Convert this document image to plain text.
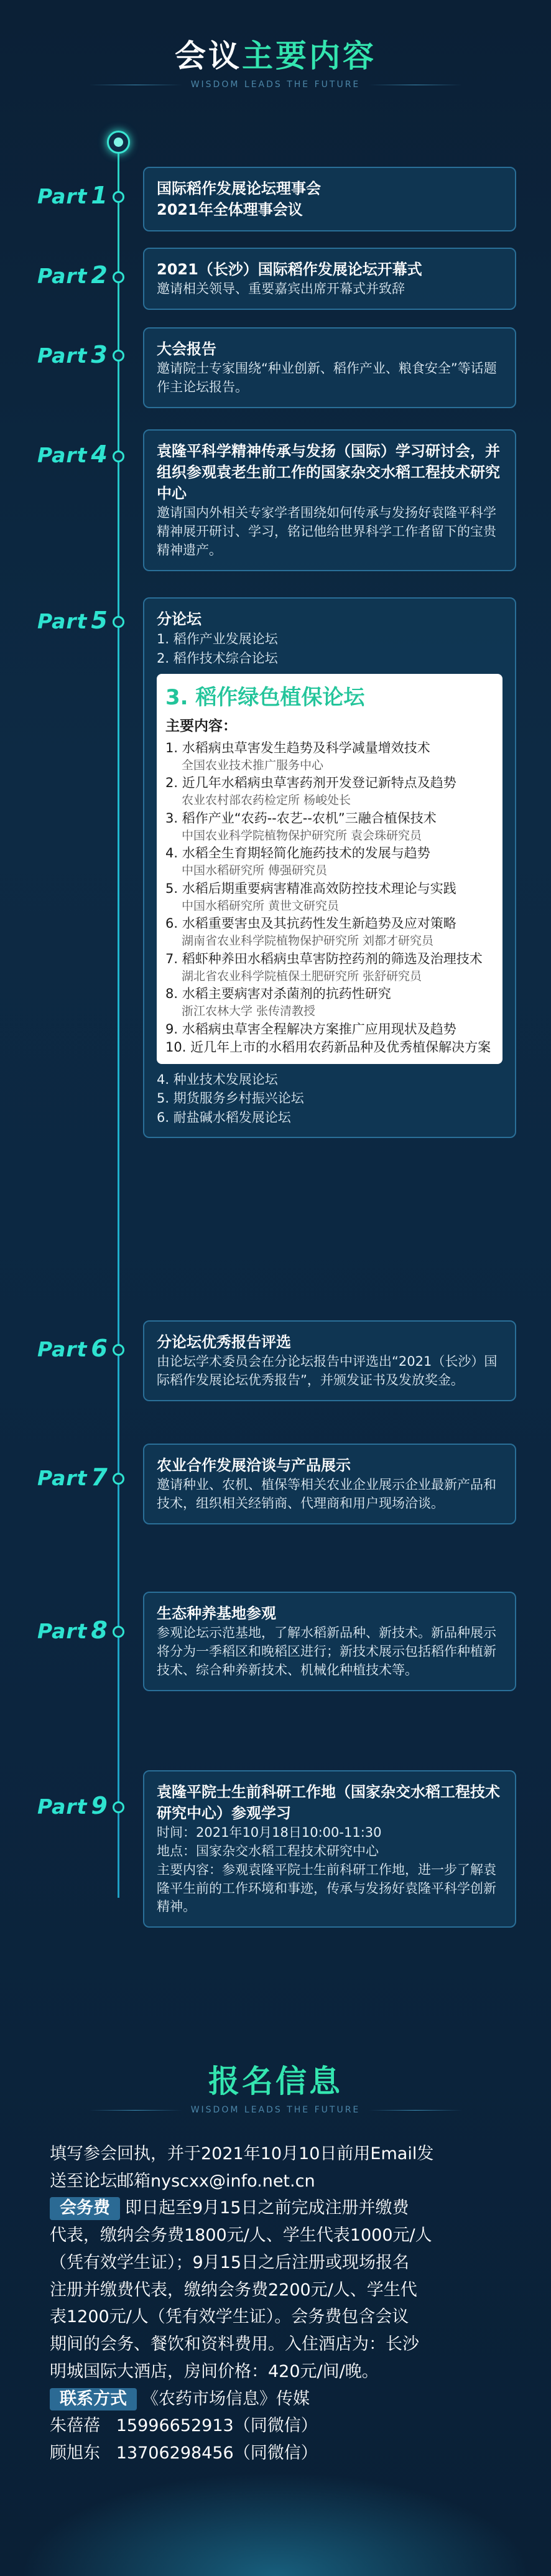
会议主要内容
WISDOM LEADS THE FUTURE
Part 1	国际稻作发展论坛理事会
2021年全体理事会议
Part 2	2021（长沙）国际稻作发展论坛开幕式
邀请相关领导、重要嘉宾出席开幕式并致辞
Part 3	大会报告
邀请院士专家围绕“种业创新、稻作产业、粮食安全”等话题作主论坛报告。
Part 4	袁隆平科学精神传承与发扬（国际）学习研讨会，并组织参观袁老生前工作的国家杂交水稻工程技术研究中心
邀请国内外相关专家学者围绕如何传承与发扬好袁隆平科学精神展开研讨、学习，铭记他给世界科学工作者留下的宝贵精神遗产。
Part 5	分论坛
1. 稻作产业发展论坛
2. 稻作技术综合论坛
3. 稻作绿色植保论坛
主要内容：
1. 水稻病虫草害发生趋势及科学减量增效技术
全国农业技术推广服务中心
2. 近几年水稻病虫草害药剂开发登记新特点及趋势
农业农村部农药检定所 杨峻处长
3. 稻作产业“农药--农艺--农机”三融合植保技术
中国农业科学院植物保护研究所 袁会珠研究员
4. 水稻全生育期轻简化施药技术的发展与趋势
中国水稻研究所 傅强研究员
5. 水稻后期重要病害精准高效防控技术理论与实践
中国水稻研究所 黄世文研究员
6. 水稻重要害虫及其抗药性发生新趋势及应对策略
湖南省农业科学院植物保护研究所 刘都才研究员
7. 稻虾种养田水稻病虫草害防控药剂的筛选及治理技术
湖北省农业科学院植保土肥研究所 张舒研究员
8. 水稻主要病害对杀菌剂的抗药性研究
浙江农林大学 张传清教授
9. 水稻病虫草害全程解决方案推广应用现状及趋势
10. 近几年上市的水稻用农药新品种及优秀植保解决方案
4. 种业技术发展论坛
5. 期货服务乡村振兴论坛
6. 耐盐碱水稻发展论坛
Part 6	分论坛优秀报告评选
由论坛学术委员会在分论坛报告中评选出“2021（长沙）国际稻作发展论坛优秀报告”，并颁发证书及发放奖金。
Part 7	农业合作发展洽谈与产品展示
邀请种业、农机、植保等相关农业企业展示企业最新产品和技术，组织相关经销商、代理商和用户现场洽谈。
Part 8
生态种养基地参观
参观论坛示范基地，了解水稻新品种、新技术。新品种展示将分为一季稻区和晚稻区进行；新技术展示包括稻作种植新技术、综合种养新技术、机械化种植技术等。
Part 9	袁隆平院士生前科研工作地（国家杂交水稻工程技术研究中心）参观学习
时间：2021年10月18日10:00-11:30
地点：国家杂交水稻工程技术研究中心
主要内容：参观袁隆平院士生前科研工作地，进一步了解袁隆平生前的工作环境和事迹，传承与发扬好袁隆平科学创新精神。
报名信息
WISDOM LEADS THE FUTURE
填写参会回执，并于2021年10月10日前用Email发
送至论坛邮箱nyscxx@info.net.cn
会务费 即日起至9月15日之前完成注册并缴费
代表，缴纳会务费1800元/人、学生代表1000元/人
（凭有效学生证）；9月15日之后注册或现场报名
注册并缴费代表，缴纳会务费2200元/人、学生代
表1200元/人（凭有效学生证）。会务费包含会议
期间的会务、餐饮和资料费用。入住酒店为：长沙
明城国际大酒店，房间价格：420元/间/晚。
联系方式 《农药市场信息》传媒
朱蓓蓓 15996652913（同微信）
顾旭东 13706298456（同微信）
